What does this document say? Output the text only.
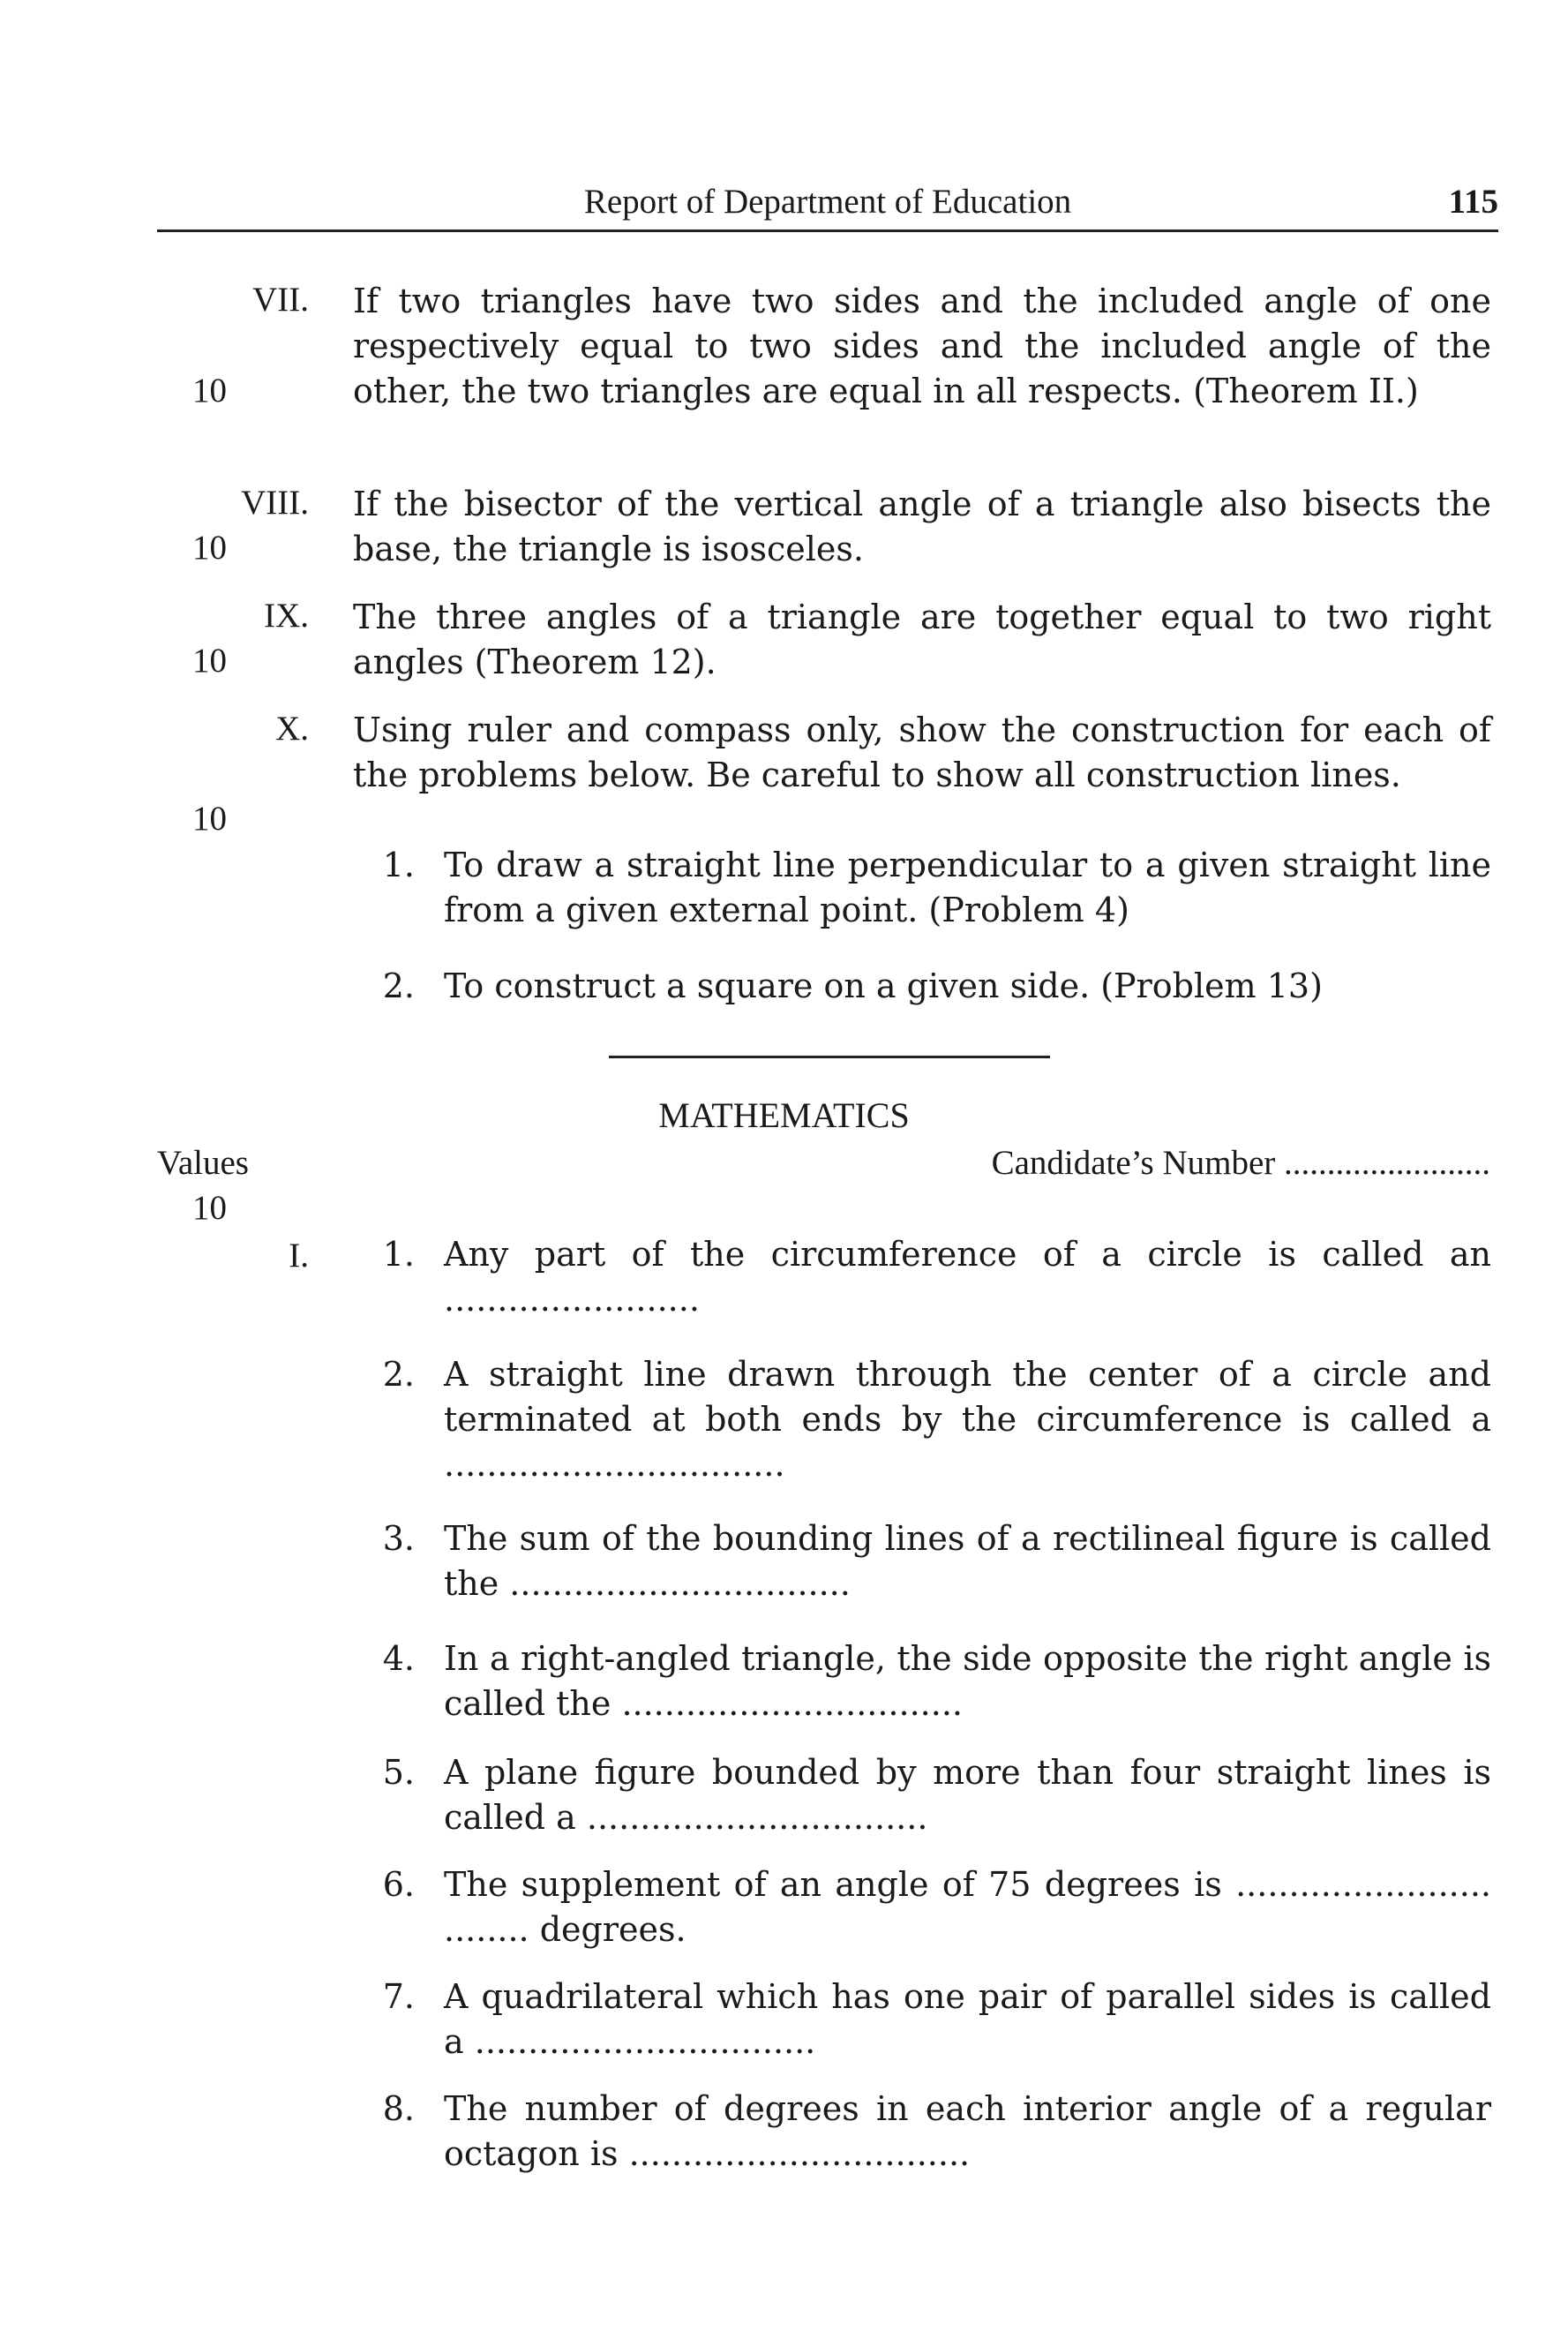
Report of Department of Education	115
VII.
10
If two triangles have two sides and the included angle of one respectively equal to two sides and the included angle of the other, the two triangles are equal in all respects. (Theorem II.)
VIII.
10
If the bisector of the vertical angle of a triangle also bisects the base, the triangle is isosceles.
IX.
10
The three angles of a triangle are together equal to two right angles (Theorem 12).
X.
10
Using ruler and compass only, show the construction for each of the problems below. Be careful to show all construction lines.
1. To draw a straight line perpendicular to a given straight line from a given external point. (Problem 4)
2. To construct a square on a given side. (Problem 13)
MATHEMATICS
Values	Candidate’s Number ........................
10
I.	1. Any part of the circumference of a circle is called an ........................
2. A straight line drawn through the center of a circle and terminated at both ends by the circumference is called a ................................
3. The sum of the bounding lines of a rectilineal figure is called the ................................
4. In a right-angled triangle, the side opposite the right angle is called the ................................
5. A plane figure bounded by more than four straight lines is called a ................................
6. The supplement of an angle of 75 degrees is ........................ ........ degrees.
7. A quadrilateral which has one pair of parallel sides is called a ................................
8. The number of degrees in each interior angle of a regular octagon is ................................
